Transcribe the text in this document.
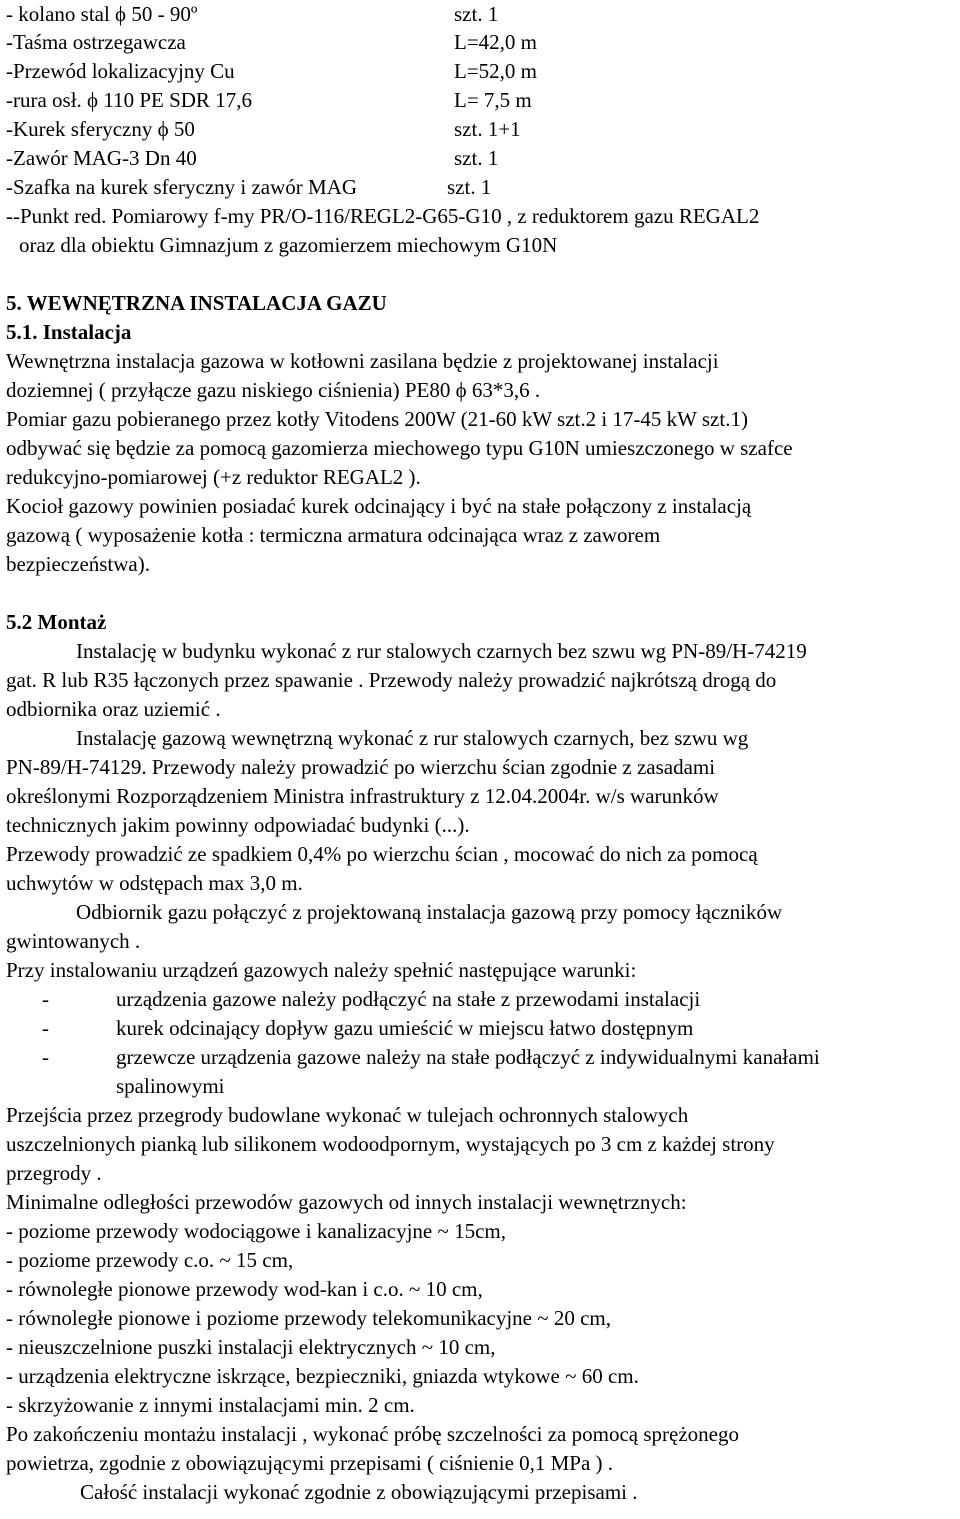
- kolano stal ϕ 50 - 90º	szt. 1
-Taśma ostrzegawcza	L=42,0 m
-Przewód lokalizacyjny Cu	L=52,0 m
-rura osł. ϕ 110 PE SDR 17,6	L= 7,5 m
-Kurek sferyczny ϕ 50	szt. 1+1
-Zawór MAG-3 Dn 40	szt. 1
-Szafka na kurek sferyczny i zawór MAG	szt. 1
--Punkt red. Pomiarowy f-my PR/O-116/REGL2-G65-G10 , z reduktorem gazu REGAL2
oraz dla obiektu Gimnazjum z gazomierzem miechowym G10N
5. WEWNĘTRZNA INSTALACJA GAZU
5.1. Instalacja
Wewnętrzna instalacja gazowa w kotłowni zasilana będzie z projektowanej instalacji
doziemnej ( przyłącze gazu niskiego ciśnienia) PE80 ϕ 63*3,6 .
Pomiar gazu pobieranego przez kotły Vitodens 200W (21-60 kW szt.2 i 17-45 kW szt.1)
odbywać się będzie za pomocą gazomierza miechowego typu G10N umieszczonego w szafce
redukcyjno-pomiarowej (+z reduktor REGAL2 ).
Kocioł gazowy powinien posiadać kurek odcinający i być na stałe połączony z instalacją
gazową ( wyposażenie kotła : termiczna armatura odcinająca wraz z zaworem
bezpieczeństwa).
5.2 Montaż
Instalację w budynku wykonać z rur stalowych czarnych bez szwu wg PN-89/H-74219
gat. R lub R35 łączonych przez spawanie . Przewody należy prowadzić najkrótszą drogą do
odbiornika oraz uziemić .
Instalację gazową wewnętrzną wykonać z rur stalowych czarnych, bez szwu wg
PN-89/H-74129. Przewody należy prowadzić po wierzchu ścian zgodnie z zasadami
określonymi Rozporządzeniem Ministra infrastruktury z 12.04.2004r. w/s warunków
technicznych jakim powinny odpowiadać budynki (...).
Przewody prowadzić ze spadkiem 0,4% po wierzchu ścian , mocować do nich za pomocą
uchwytów w odstępach max 3,0 m.
Odbiornik gazu połączyć z projektowaną instalacja gazową przy pomocy łączników
gwintowanych .
Przy instalowaniu urządzeń gazowych należy spełnić następujące warunki:
-	urządzenia gazowe należy podłączyć na stałe z przewodami instalacji
-	kurek odcinający dopływ gazu umieścić w miejscu łatwo dostępnym
-	grzewcze urządzenia gazowe należy na stałe podłączyć z indywidualnymi kanałami
spalinowymi
Przejścia przez przegrody budowlane wykonać w tulejach ochronnych stalowych
uszczelnionych pianką lub silikonem wodoodpornym, wystających po 3 cm z każdej strony
przegrody .
Minimalne odległości przewodów gazowych od innych instalacji wewnętrznych:
- poziome przewody wodociągowe i kanalizacyjne ~ 15cm,
- poziome przewody c.o. ~ 15 cm,
- równoległe pionowe przewody wod-kan i c.o. ~ 10 cm,
- równoległe pionowe i poziome przewody telekomunikacyjne ~ 20 cm,
- nieuszczelnione puszki instalacji elektrycznych ~ 10 cm,
- urządzenia elektryczne iskrzące, bezpieczniki, gniazda wtykowe ~ 60 cm.
- skrzyżowanie z innymi instalacjami min. 2 cm.
Po zakończeniu montażu instalacji , wykonać próbę szczelności za pomocą sprężonego
powietrza, zgodnie z obowiązującymi przepisami ( ciśnienie 0,1 MPa ) .
Całość instalacji wykonać zgodnie z obowiązującymi przepisami .
